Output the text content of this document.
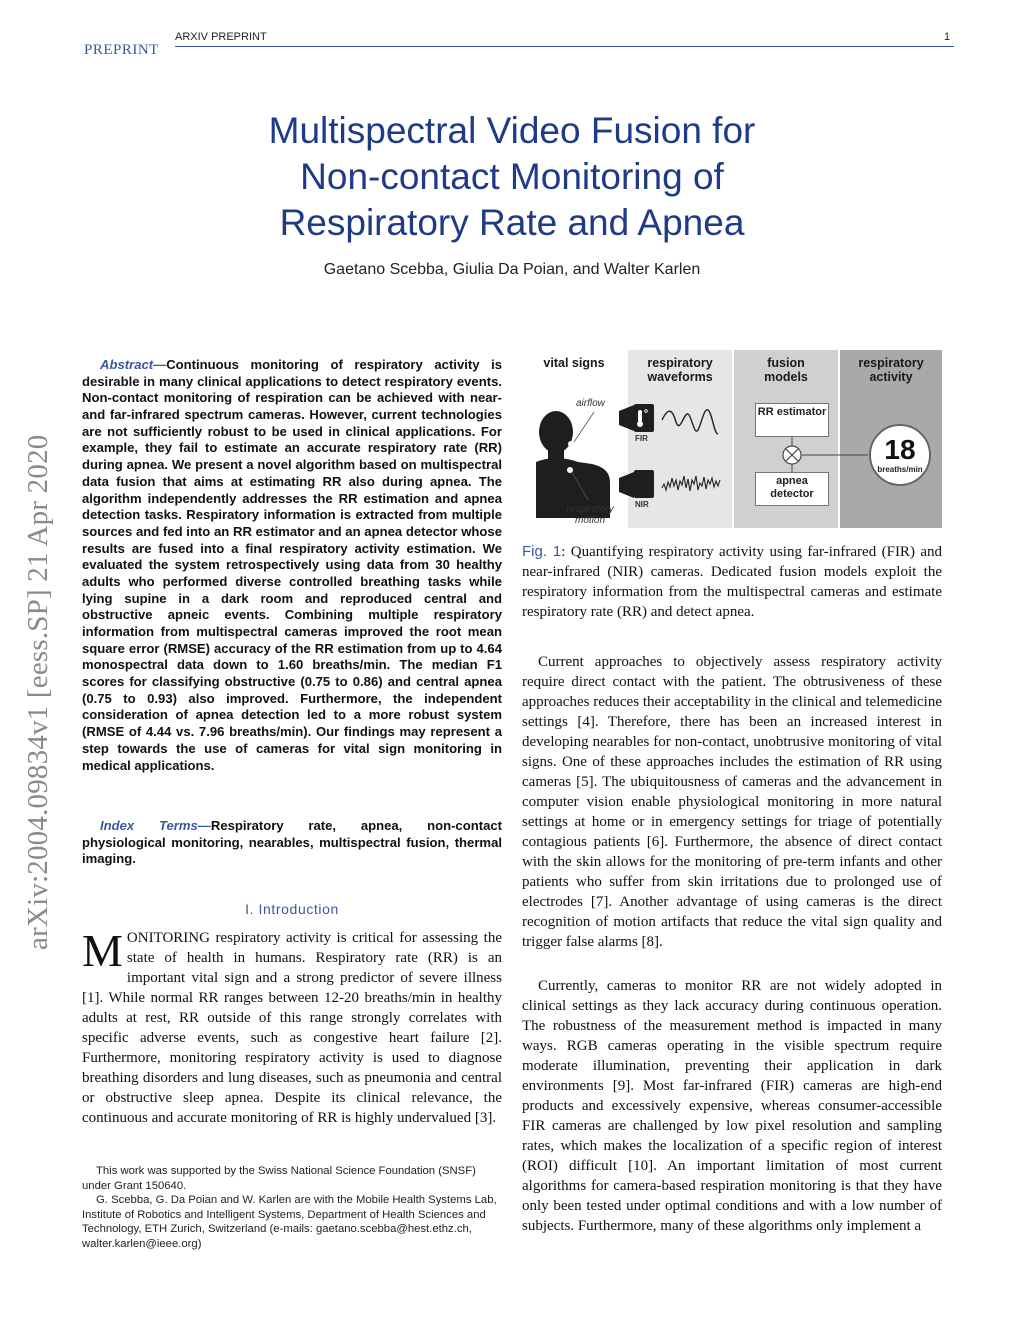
PREPRINT
ARXIV PREPRINT	1
arXiv:2004.09834v1 [eess.SP] 21 Apr 2020
Multispectral Video Fusion for
Non-contact Monitoring of
Respiratory Rate and Apnea
Gaetano Scebba, Giulia Da Poian, and Walter Karlen
Abstract—Continuous monitoring of respiratory activity is desirable in many clinical applications to detect respiratory events. Non-contact monitoring of respiration can be achieved with near- and far-infrared spectrum cameras. However, current technologies are not sufficiently robust to be used in clinical applications. For example, they fail to estimate an accurate respiratory rate (RR) during apnea. We present a novel algorithm based on multispectral data fusion that aims at estimating RR also during apnea. The algorithm independently addresses the RR estimation and apnea detection tasks. Respiratory information is extracted from multiple sources and fed into an RR estimator and an apnea detector whose results are fused into a final respiratory activity estimation. We evaluated the system retrospectively using data from 30 healthy adults who performed diverse controlled breathing tasks while lying supine in a dark room and reproduced central and obstructive apneic events. Combining multiple respiratory information from multispectral cameras improved the root mean square error (RMSE) accuracy of the RR estimation from up to 4.64 monospectral data down to 1.60 breaths/min. The median F1 scores for classifying obstructive (0.75 to 0.86) and central apnea (0.75 to 0.93) also improved. Furthermore, the independent consideration of apnea detection led to a more robust system (RMSE of 4.44 vs. 7.96 breaths/min). Our findings may represent a step towards the use of cameras for vital sign monitoring in medical applications.
Index Terms—Respiratory rate, apnea, non-contact physiological monitoring, nearables, multispectral fusion, thermal imaging.
I. Introduction
MONITORING respiratory activity is critical for assessing the state of health in humans. Respiratory rate (RR) is an important vital sign and a strong predictor of severe illness [1]. While normal RR ranges between 12-20 breaths/min in healthy adults at rest, RR outside of this range strongly correlates with specific adverse events, such as congestive heart failure [2]. Furthermore, monitoring respiratory activity is used to diagnose breathing disorders and lung diseases, such as pneumonia and central or obstructive sleep apnea. Despite its clinical relevance, the continuous and accurate monitoring of RR is highly undervalued [3].

This work was supported by the Swiss National Science Foundation (SNSF) under Grant 150640.

G. Scebba, G. Da Poian and W. Karlen are with the Mobile Health Systems Lab, Institute of Robotics and Intelligent Systems, Department of Health Sciences and Technology, ETH Zurich, Switzerland (e-mails: gaetano.scebba@hest.ethz.ch, walter.karlen@ieee.org)

vital signs	respiratory waveforms
fusion models
respiratory activity
airflow
respiratory motion
FIR
NIR
RR estimator
apnea detector
18
breaths/min
Fig. 1: Quantifying respiratory activity using far-infrared (FIR) and near-infrared (NIR) cameras. Dedicated fusion models exploit the respiratory information from the multispectral cameras and estimate respiratory rate (RR) and detect apnea.

Current approaches to objectively assess respiratory activity require direct contact with the patient. The obtrusiveness of these approaches reduces their acceptability in the clinical and telemedicine settings [4]. Therefore, there has been an increased interest in developing nearables for non-contact, unobtrusive monitoring of vital signs. One of these approaches includes the estimation of RR using cameras [5]. The ubiquitousness of cameras and the advancement in computer vision enable physiological monitoring in more natural settings at home or in emergency settings for triage of potentially contagious patients [6]. Furthermore, the absence of direct contact with the skin allows for the monitoring of pre-term infants and other patients who suffer from skin irritations due to prolonged use of electrodes [7]. Another advantage of using cameras is the direct recognition of motion artifacts that reduce the vital sign quality and trigger false alarms [8].

Currently, cameras to monitor RR are not widely adopted in clinical settings as they lack accuracy during continuous operation. The robustness of the measurement method is impacted in many ways. RGB cameras operating in the visible spectrum require moderate illumination, preventing their application in dark environments [9]. Most far-infrared (FIR) cameras are high-end products and excessively expensive, whereas consumer-accessible FIR cameras are challenged by low pixel resolution and sampling rates, which makes the localization of a specific region of interest (ROI) difficult [10]. An important limitation of most current algorithms for camera-based respiration monitoring is that they have only been tested under optimal conditions and with a low number of subjects. Furthermore, many of these algorithms only implement a
